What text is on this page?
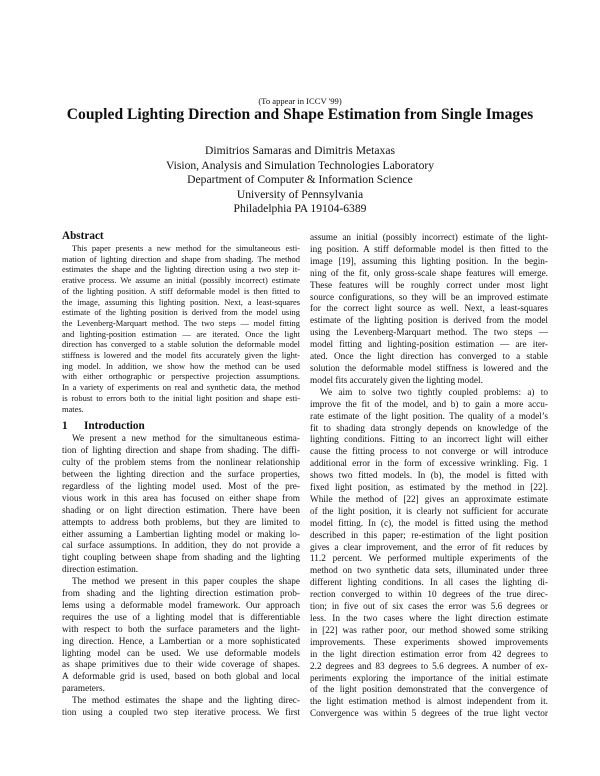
(To appear in ICCV '99)
Coupled Lighting Direction and Shape Estimation from Single Images
Dimitrios Samaras and Dimitris Metaxas
Vision, Analysis and Simulation Technologies Laboratory
Department of Computer & Information Science
University of Pennsylvania
Philadelphia PA 19104-6389
Abstract
This paper presents a new method for the simultaneous esti-
mation of lighting direction and shape from shading. The method
estimates the shape and the lighting direction using a two step it-
erative process. We assume an initial (possibly incorrect) estimate
of the lighting position. A stiff deformable model is then fitted to
the image, assuming this lighting position. Next, a least-squares
estimate of the lighting position is derived from the model using
the Levenberg-Marquart method. The two steps — model fitting
and lighting-position estimation — are iterated. Once the light
direction has converged to a stable solution the deformable model
stiffness is lowered and the model fits accurately given the light-
ing model. In addition, we show how the method can be used
with either orthographic or perspective projection assumptions.
In a variety of experiments on real and synthetic data, the method
is robust to errors both to the initial light position and shape esti-
mates.
1 Introduction
We present a new method for the simultaneous estima-
tion of lighting direction and shape from shading. The diffi-
culty of the problem stems from the nonlinear relationship
between the lighting direction and the surface properties,
regardless of the lighting model used. Most of the pre-
vious work in this area has focused on either shape from
shading or on light direction estimation. There have been
attempts to address both problems, but they are limited to
either assuming a Lambertian lighting model or making lo-
cal surface assumptions. In addition, they do not provide a
tight coupling between shape from shading and the lighting
direction estimation.
The method we present in this paper couples the shape
from shading and the lighting direction estimation prob-
lems using a deformable model framework. Our approach
requires the use of a lighting model that is differentiable
with respect to both the surface parameters and the light-
ing direction. Hence, a Lambertian or a more sophisticated
lighting model can be used. We use deformable models
as shape primitives due to their wide coverage of shapes.
A deformable grid is used, based on both global and local
parameters.
The method estimates the shape and the lighting direc-
tion using a coupled two step iterative process. We first
assume an initial (possibly incorrect) estimate of the light-
ing position. A stiff deformable model is then fitted to the
image [19], assuming this lighting position. In the begin-
ning of the fit, only gross-scale shape features will emerge.
These features will be roughly correct under most light
source configurations, so they will be an improved estimate
for the correct light source as well. Next, a least-squares
estimate of the lighting position is derived from the model
using the Levenberg-Marquart method. The two steps —
model fitting and lighting-position estimation — are iter-
ated. Once the light direction has converged to a stable
solution the deformable model stiffness is lowered and the
model fits accurately given the lighting model.
We aim to solve two tightly coupled problems: a) to
improve the fit of the model, and b) to gain a more accu-
rate estimate of the light position. The quality of a model’s
fit to shading data strongly depends on knowledge of the
lighting conditions. Fitting to an incorrect light will either
cause the fitting process to not converge or will introduce
additional error in the form of excessive wrinkling. Fig. 1
shows two fitted models. In (b), the model is fitted with
fixed light position, as estimated by the method in [22].
While the method of [22] gives an approximate estimate
of the light position, it is clearly not sufficient for accurate
model fitting. In (c), the model is fitted using the method
described in this paper; re-estimation of the light position
gives a clear improvement, and the error of fit reduces by
11.2 percent. We performed multiple experiments of the
method on two synthetic data sets, illuminated under three
different lighting conditions. In all cases the lighting di-
rection converged to within 10 degrees of the true direc-
tion; in five out of six cases the error was 5.6 degrees or
less. In the two cases where the light direction estimate
in [22] was rather poor, our method showed some striking
improvements. These experiments showed improvements
in the light direction estimation error from 42 degrees to
2.2 degrees and 83 degrees to 5.6 degrees. A number of ex-
periments exploring the importance of the initial estimate
of the light position demonstrated that the convergence of
the light estimation method is almost independent from it.
Convergence was within 5 degrees of the true light vector
